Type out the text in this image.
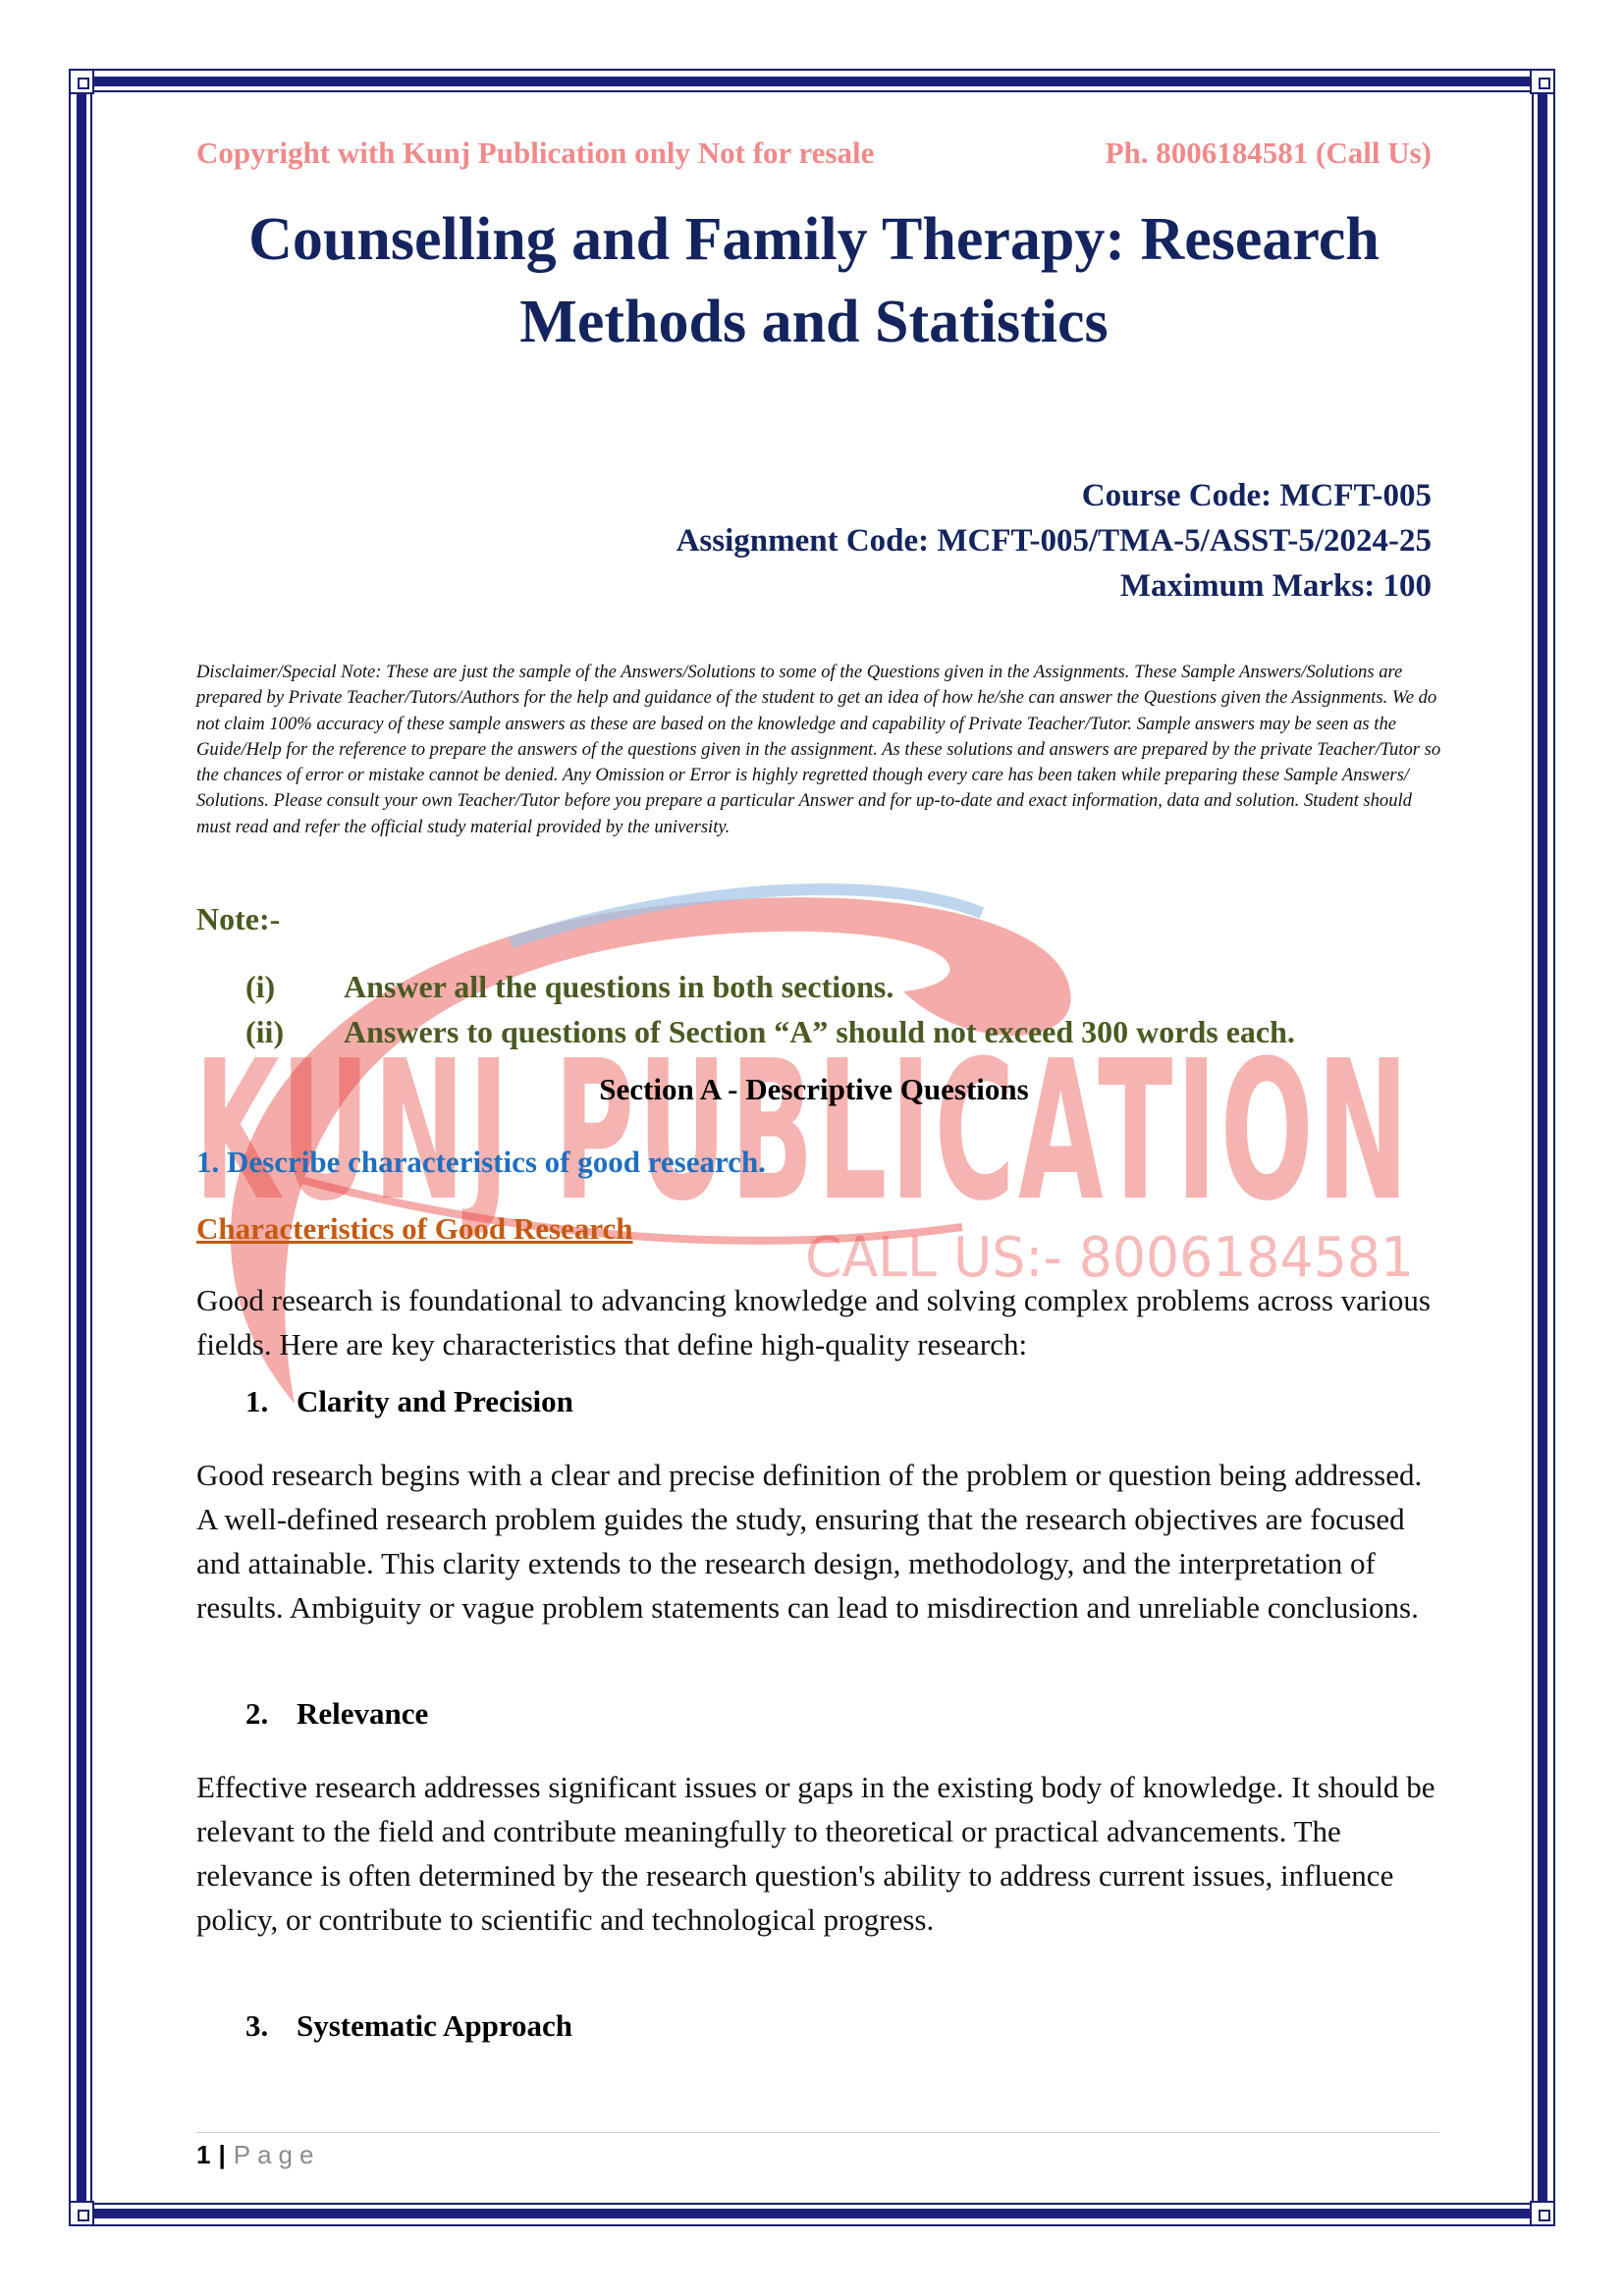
KUNJ PUBLICATION
CALL US:- 8006184581
Copyright with Kunj Publication only Not for resale	Ph. 8006184581 (Call Us)
Counselling and Family Therapy: Research
Methods and Statistics
Course Code: MCFT-005
Assignment Code: MCFT-005/TMA-5/ASST-5/2024-25
Maximum Marks: 100
Disclaimer/Special Note: These are just the sample of the Answers/Solutions to some of the Questions given in the Assignments. These Sample Answers/Solutions are prepared by Private Teacher/Tutors/Authors for the help and guidance of the student to get an idea of how he/she can answer the Questions given the Assignments. We do not claim 100% accuracy of these sample answers as these are based on the knowledge and capability of Private Teacher/Tutor. Sample answers may be seen as the Guide/Help for the reference to prepare the answers of the questions given in the assignment. As these solutions and answers are prepared by the private Teacher/Tutor so the chances of error or mistake cannot be denied. Any Omission or Error is highly regretted though every care has been taken while preparing these Sample Answers/ Solutions. Please consult your own Teacher/Tutor before you prepare a particular Answer and for up-to-date and exact information, data and solution. Student should must read and refer the official study material provided by the university.
Note:-
(i)	Answer all the questions in both sections.
(ii)	Answers to questions of Section “A” should not exceed 300 words each.
Section A - Descriptive Questions
1. Describe characteristics of good research.
Characteristics of Good Research
Good research is foundational to advancing knowledge and solving complex problems across various fields. Here are key characteristics that define high-quality research:
1. Clarity and Precision
Good research begins with a clear and precise definition of the problem or question being addressed. A well-defined research problem guides the study, ensuring that the research objectives are focused and attainable. This clarity extends to the research design, methodology, and the interpretation of results. Ambiguity or vague problem statements can lead to misdirection and unreliable conclusions.
2. Relevance
Effective research addresses significant issues or gaps in the existing body of knowledge. It should be relevant to the field and contribute meaningfully to theoretical or practical advancements. The relevance is often determined by the research question's ability to address current issues, influence policy, or contribute to scientific and technological progress.
3. Systematic Approach
1 | Page
